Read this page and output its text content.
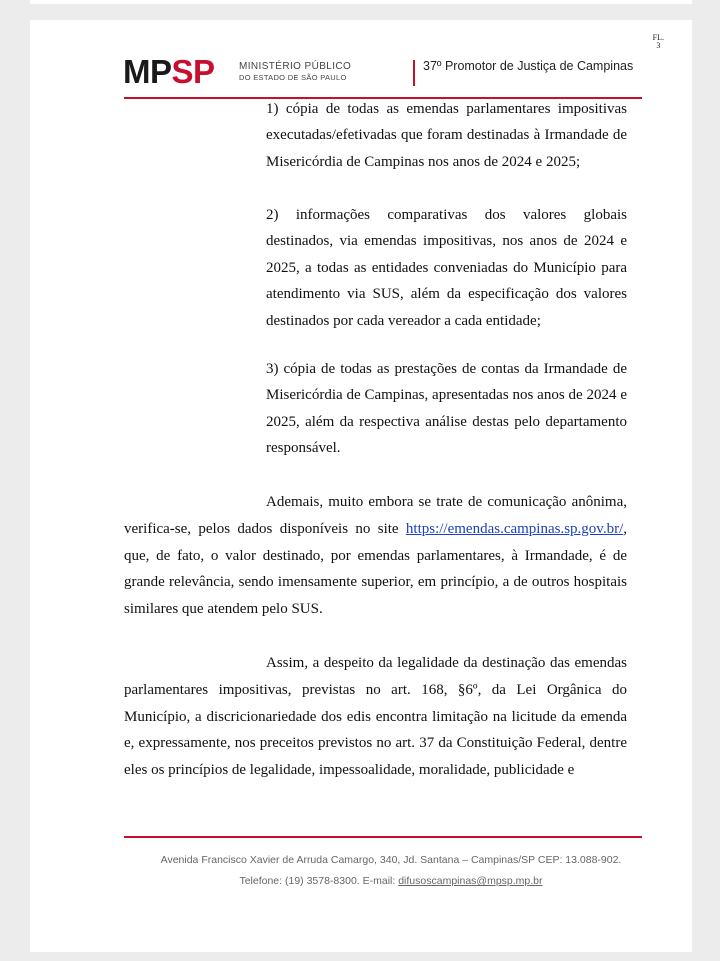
FL.
3
MPSP MINISTÉRIO PÚBLICO
DO ESTADO DE SÃO PAULO
37º Promotor de Justiça de Campinas
1) cópia de todas as emendas parlamentares impositivas executadas/efetivadas que foram destinadas à Irmandade de Misericórdia de Campinas nos anos de 2024 e 2025;
2) informações comparativas dos valores globais destinados, via emendas impositivas, nos anos de 2024 e 2025, a todas as entidades conveniadas do Município para atendimento via SUS, além da especificação dos valores destinados por cada vereador a cada entidade;
3) cópia de todas as prestações de contas da Irmandade de Misericórdia de Campinas, apresentadas nos anos de 2024 e 2025, além da respectiva análise destas pelo departamento responsável.
Ademais, muito embora se trate de comunicação anônima, verifica-se, pelos dados disponíveis no site https://emendas.campinas.sp.gov.br/, que, de fato, o valor destinado, por emendas parlamentares, à Irmandade, é de grande relevância, sendo imensamente superior, em princípio, a de outros hospitais similares que atendem pelo SUS.
Assim, a despeito da legalidade da destinação das emendas parlamentares impositivas, previstas no art. 168, §6º, da Lei Orgânica do Município, a discricionariedade dos edis encontra limitação na licitude da emenda e, expressamente, nos preceitos previstos no art. 37 da Constituição Federal, dentre eles os princípios de legalidade, impessoalidade, moralidade, publicidade e
Avenida Francisco Xavier de Arruda Camargo, 340, Jd. Santana – Campinas/SP CEP: 13.088-902.
Telefone: (19) 3578-8300. E-mail: difusoscampinas@mpsp.mp.br
